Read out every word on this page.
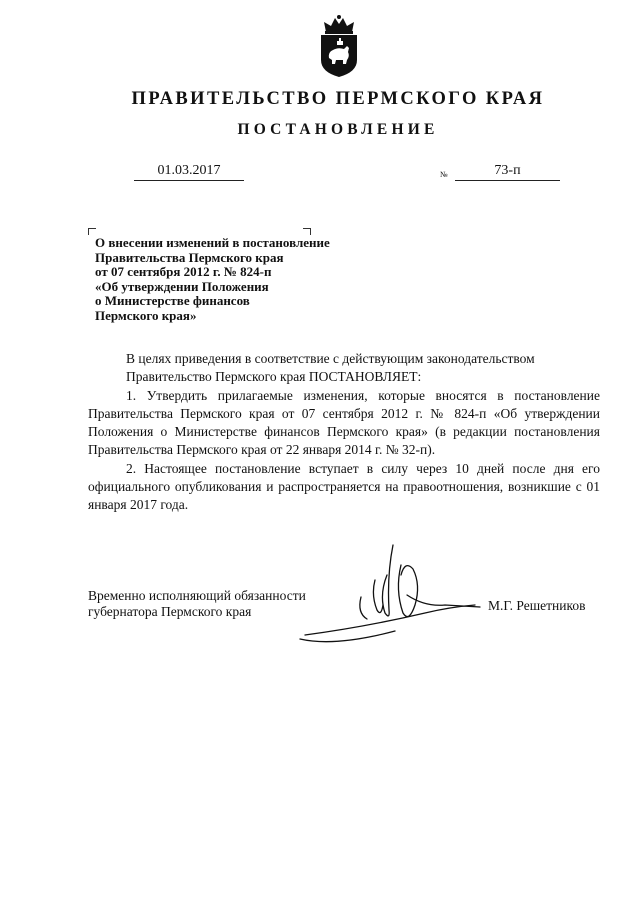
ПРАВИТЕЛЬСТВО ПЕРМСКОГО КРАЯ
ПОСТАНОВЛЕНИЕ
01.03.2017	№	73-п
О внесении изменений в постановление
Правительства Пермского края
от 07 сентября 2012 г. № 824-п
«Об утверждении Положения
о Министерстве финансов
Пермского края»

В целях приведения в соответствие с действующим законодательством

Правительство Пермского края ПОСТАНОВЛЯЕТ:

1. Утвердить прилагаемые изменения, которые вносятся в постановление Правительства Пермского края от 07 сентября 2012 г. № 824-п «Об утверждении Положения о Министерстве финансов Пермского края» (в редакции постановления Правительства Пермского края от 22 января 2014 г. № 32-п).

2. Настоящее постановление вступает в силу через 10 дней после дня его официального опубликования и распространяется на правоотношения, возникшие с 01 января 2017 года.

Временно исполняющий обязанности
губернатора Пермского края	М.Г. Решетников
